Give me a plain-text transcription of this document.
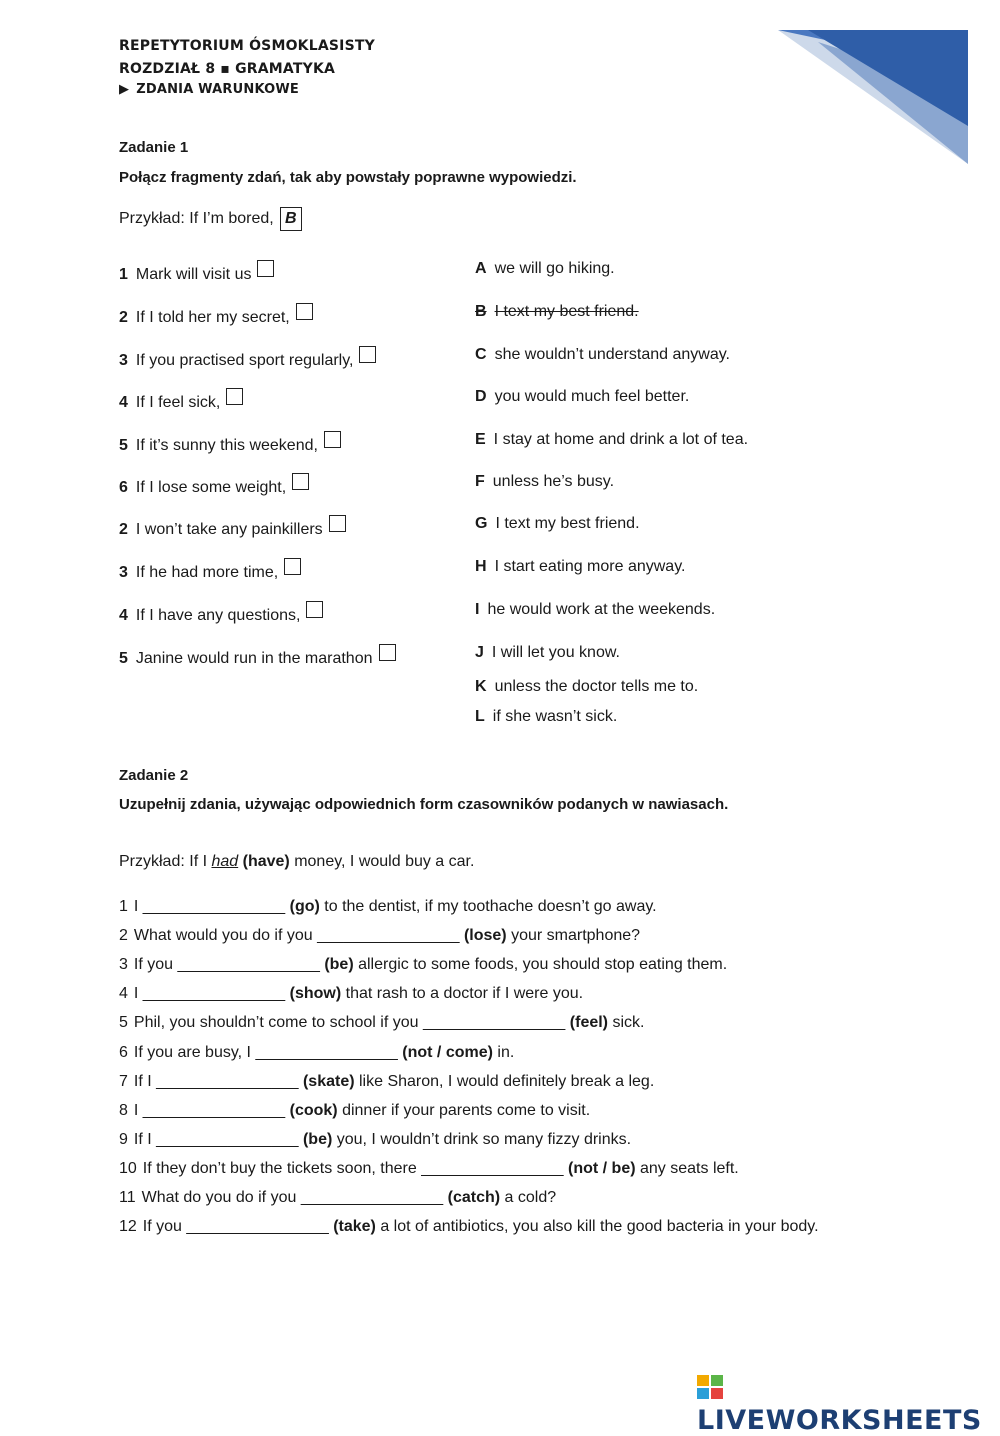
REPETYTORIUM ÓSMOKLASISTY
ROZDZIAŁ 8 ▪ GRAMATYKA
▶ ZDANIA WARUNKOWE
Zadanie 1
Połącz fragmenty zdań, tak aby powstały poprawne wypowiedzi.
Przykład: If I’m bored, B
1 Mark will visit us
2 If I told her my secret,
3 If you practised sport regularly,
4 If I feel sick,
5 If it’s sunny this weekend,
6 If I lose some weight,
2 I won’t take any painkillers
3 If he had more time,
4 If I have any questions,
5 Janine would run in the marathon
A we will go hiking.
B I text my best friend.
C she wouldn’t understand anyway.
D you would much feel better.
E I stay at home and drink a lot of tea.
F unless he’s busy.
G I text my best friend.
H I start eating more anyway.
I he would work at the weekends.
J I will let you know.
K unless the doctor tells me to.
L if she wasn’t sick.
Zadanie 2
Uzupełnij zdania, używając odpowiednich form czasowników podanych w nawiasach.
Przykład: If I had (have) money, I would buy a car.
1 I ________________ (go) to the dentist, if my toothache doesn’t go away.
2 What would you do if you ________________ (lose) your smartphone?
3 If you ________________ (be) allergic to some foods, you should stop eating them.
4 I ________________ (show) that rash to a doctor if I were you.
5 Phil, you shouldn’t come to school if you ________________ (feel) sick.
6 If you are busy, I ________________ (not / come) in.
7 If I ________________ (skate) like Sharon, I would definitely break a leg.
8 I ________________ (cook) dinner if your parents come to visit.
9 If I ________________ (be) you, I wouldn’t drink so many fizzy drinks.
10 If they don’t buy the tickets soon, there ________________ (not / be) any seats left.
11 What do you do if you ________________ (catch) a cold?
12 If you ________________ (take) a lot of antibiotics, you also kill the good bacteria in your body.
LIVEWORKSHEETS
